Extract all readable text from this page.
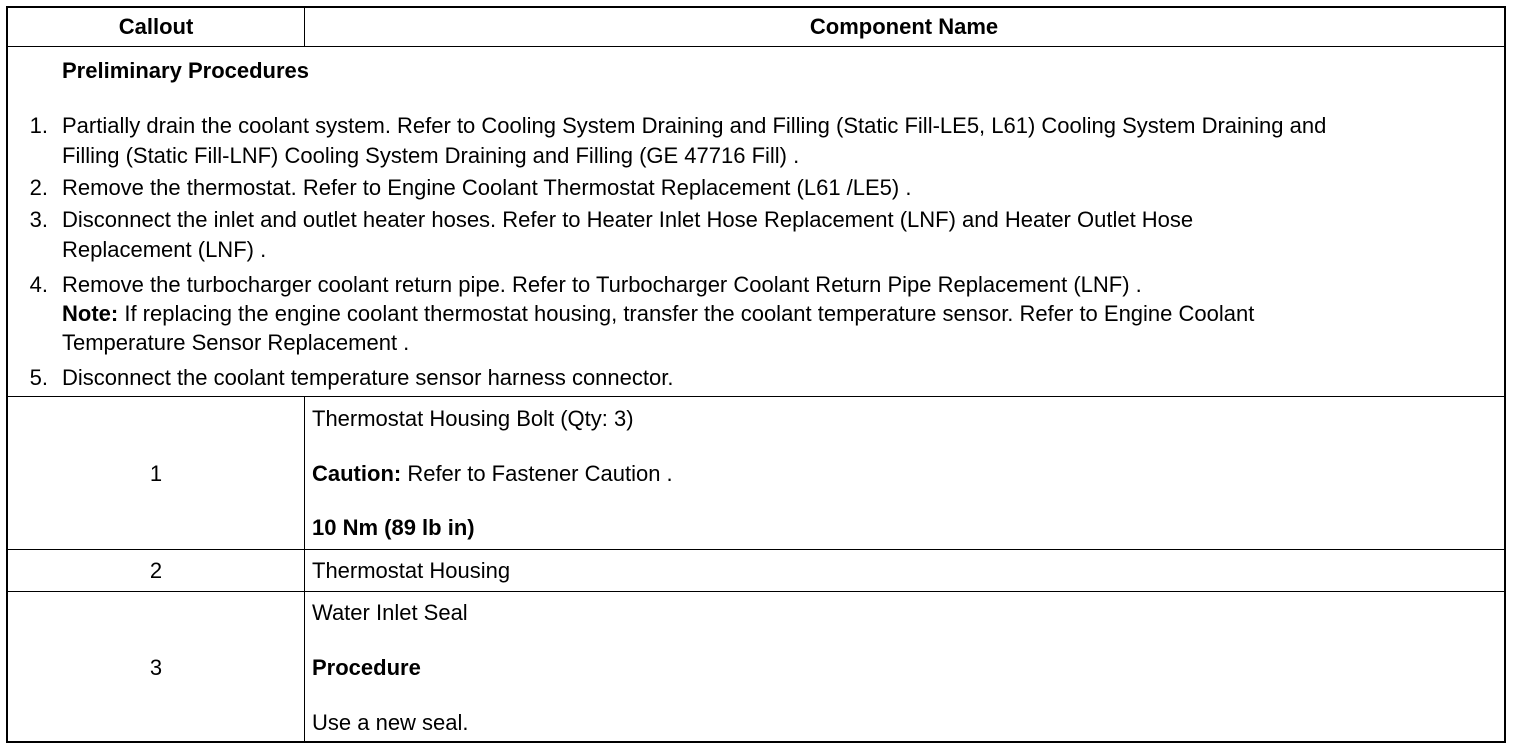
Callout	Component Name
Preliminary Procedures
1. Partially drain the coolant system. Refer to Cooling System Draining and Filling (Static Fill-LE5, L61) Cooling System Draining and
Filling (Static Fill-LNF) Cooling System Draining and Filling (GE 47716 Fill) .
2. Remove the thermostat. Refer to Engine Coolant Thermostat Replacement (L61 /LE5) .
3. Disconnect the inlet and outlet heater hoses. Refer to Heater Inlet Hose Replacement (LNF) and Heater Outlet Hose
Replacement (LNF) .
4. Remove the turbocharger coolant return pipe. Refer to Turbocharger Coolant Return Pipe Replacement (LNF) .
Note: If replacing the engine coolant thermostat housing, transfer the coolant temperature sensor. Refer to Engine Coolant
Temperature Sensor Replacement .
5. Disconnect the coolant temperature sensor harness connector.
1
Thermostat Housing Bolt (Qty: 3)
Caution: Refer to Fastener Caution .
10 Nm (89 lb in)
2	Thermostat Housing
3
Water Inlet Seal
Procedure
Use a new seal.
